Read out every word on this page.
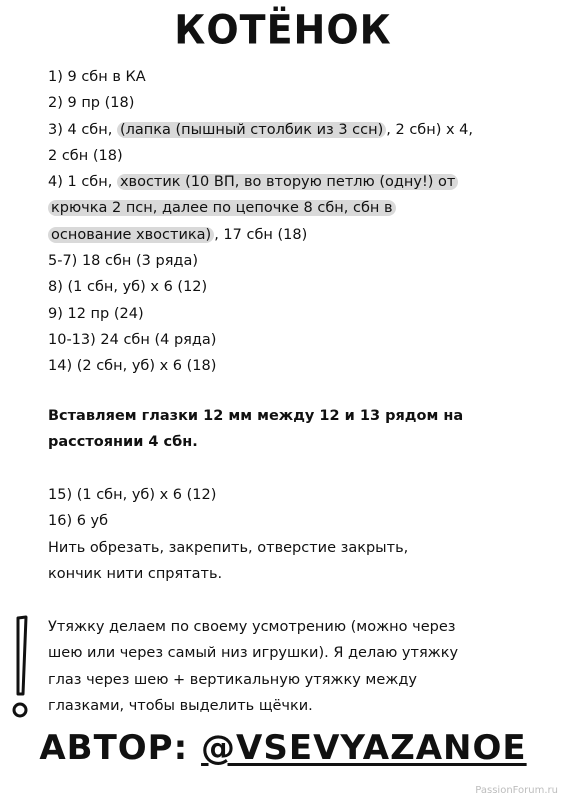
КОТЁНОК
1) 9 сбн в КА
2) 9 пр (18)
3) 4 сбн, (лапка (пышный столбик из 3 ссн) , 2 сбн) х 4,
2 сбн (18)
4) 1 сбн, хвостик (10 ВП, во вторую петлю (одну!) от
крючка 2 псн, далее по цепочке 8 сбн, сбн в
основание хвостика) , 17 сбн (18)
5-7) 18 сбн (3 ряда)
8) (1 сбн, уб) х 6 (12)
9) 12 пр (24)
10-13) 24 сбн (4 ряда)
14) (2 сбн, уб) х 6 (18)
Вставляем глазки 12 мм между 12 и 13 рядом на
расстоянии 4 сбн.
15) (1 сбн, уб) х 6 (12)
16) 6 уб
Нить обрезать, закрепить, отверстие закрыть,
кончик нити спрятать.
Утяжку делаем по своему усмотрению (можно через
шею или через самый низ игрушки). Я делаю утяжку
глаз через шею + вертикальную утяжку между
глазками, чтобы выделить щёчки.
АВТОР: @VSEVYAZANOE
PassionForum.ru
